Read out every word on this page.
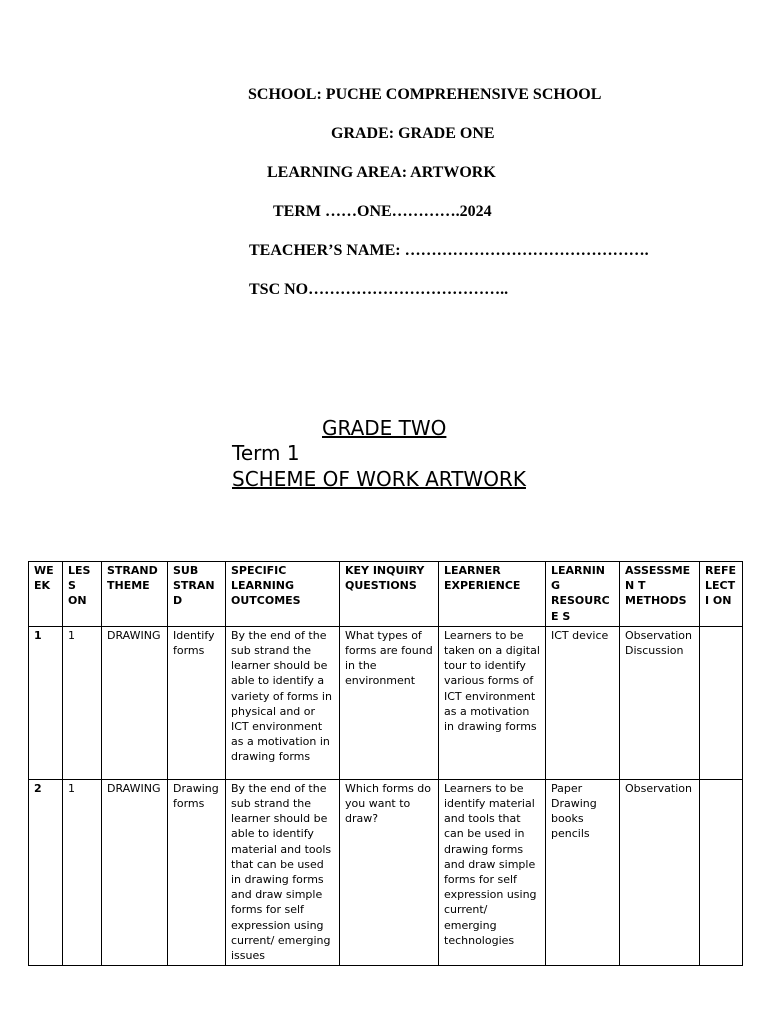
SCHOOL: PUCHE COMPREHENSIVE SCHOOL
GRADE: GRADE ONE
LEARNING AREA: ARTWORK
TERM ……ONE………….2024
TEACHER’S NAME: ……………………………………….
TSC NO………………………………..
GRADE TWO
Term 1
SCHEME OF WORK ARTWORK
WE EK	LESS ON	STRAND THEME	SUB STRAND	SPECIFIC LEARNING OUTCOMES	KEY INQUIRY QUESTIONS	LEARNER EXPERIENCE	LEARNING RESOURCE S	ASSESSMEN T METHODS	REFE LECTI ON
1	1	DRAWING	Identify forms	By the end of the sub strand the learner should be able to identify a variety of forms in physical and or ICT environment as a motivation in drawing forms	What types of forms are found in the environment	Learners to be taken on a digital tour to identify various forms of ICT environment as a motivation in drawing forms	ICT device	Observation Discussion	
2	1	DRAWING	Drawing forms	By the end of the sub strand the learner should be able to identify material and tools that can be used in drawing forms and draw simple forms for self expression using current/ emerging issues	Which forms do you want to draw?	Learners to be identify material and tools that can be used in drawing forms and draw simple forms for self expression using current/ emerging technologies	Paper Drawing books pencils	Observation	
